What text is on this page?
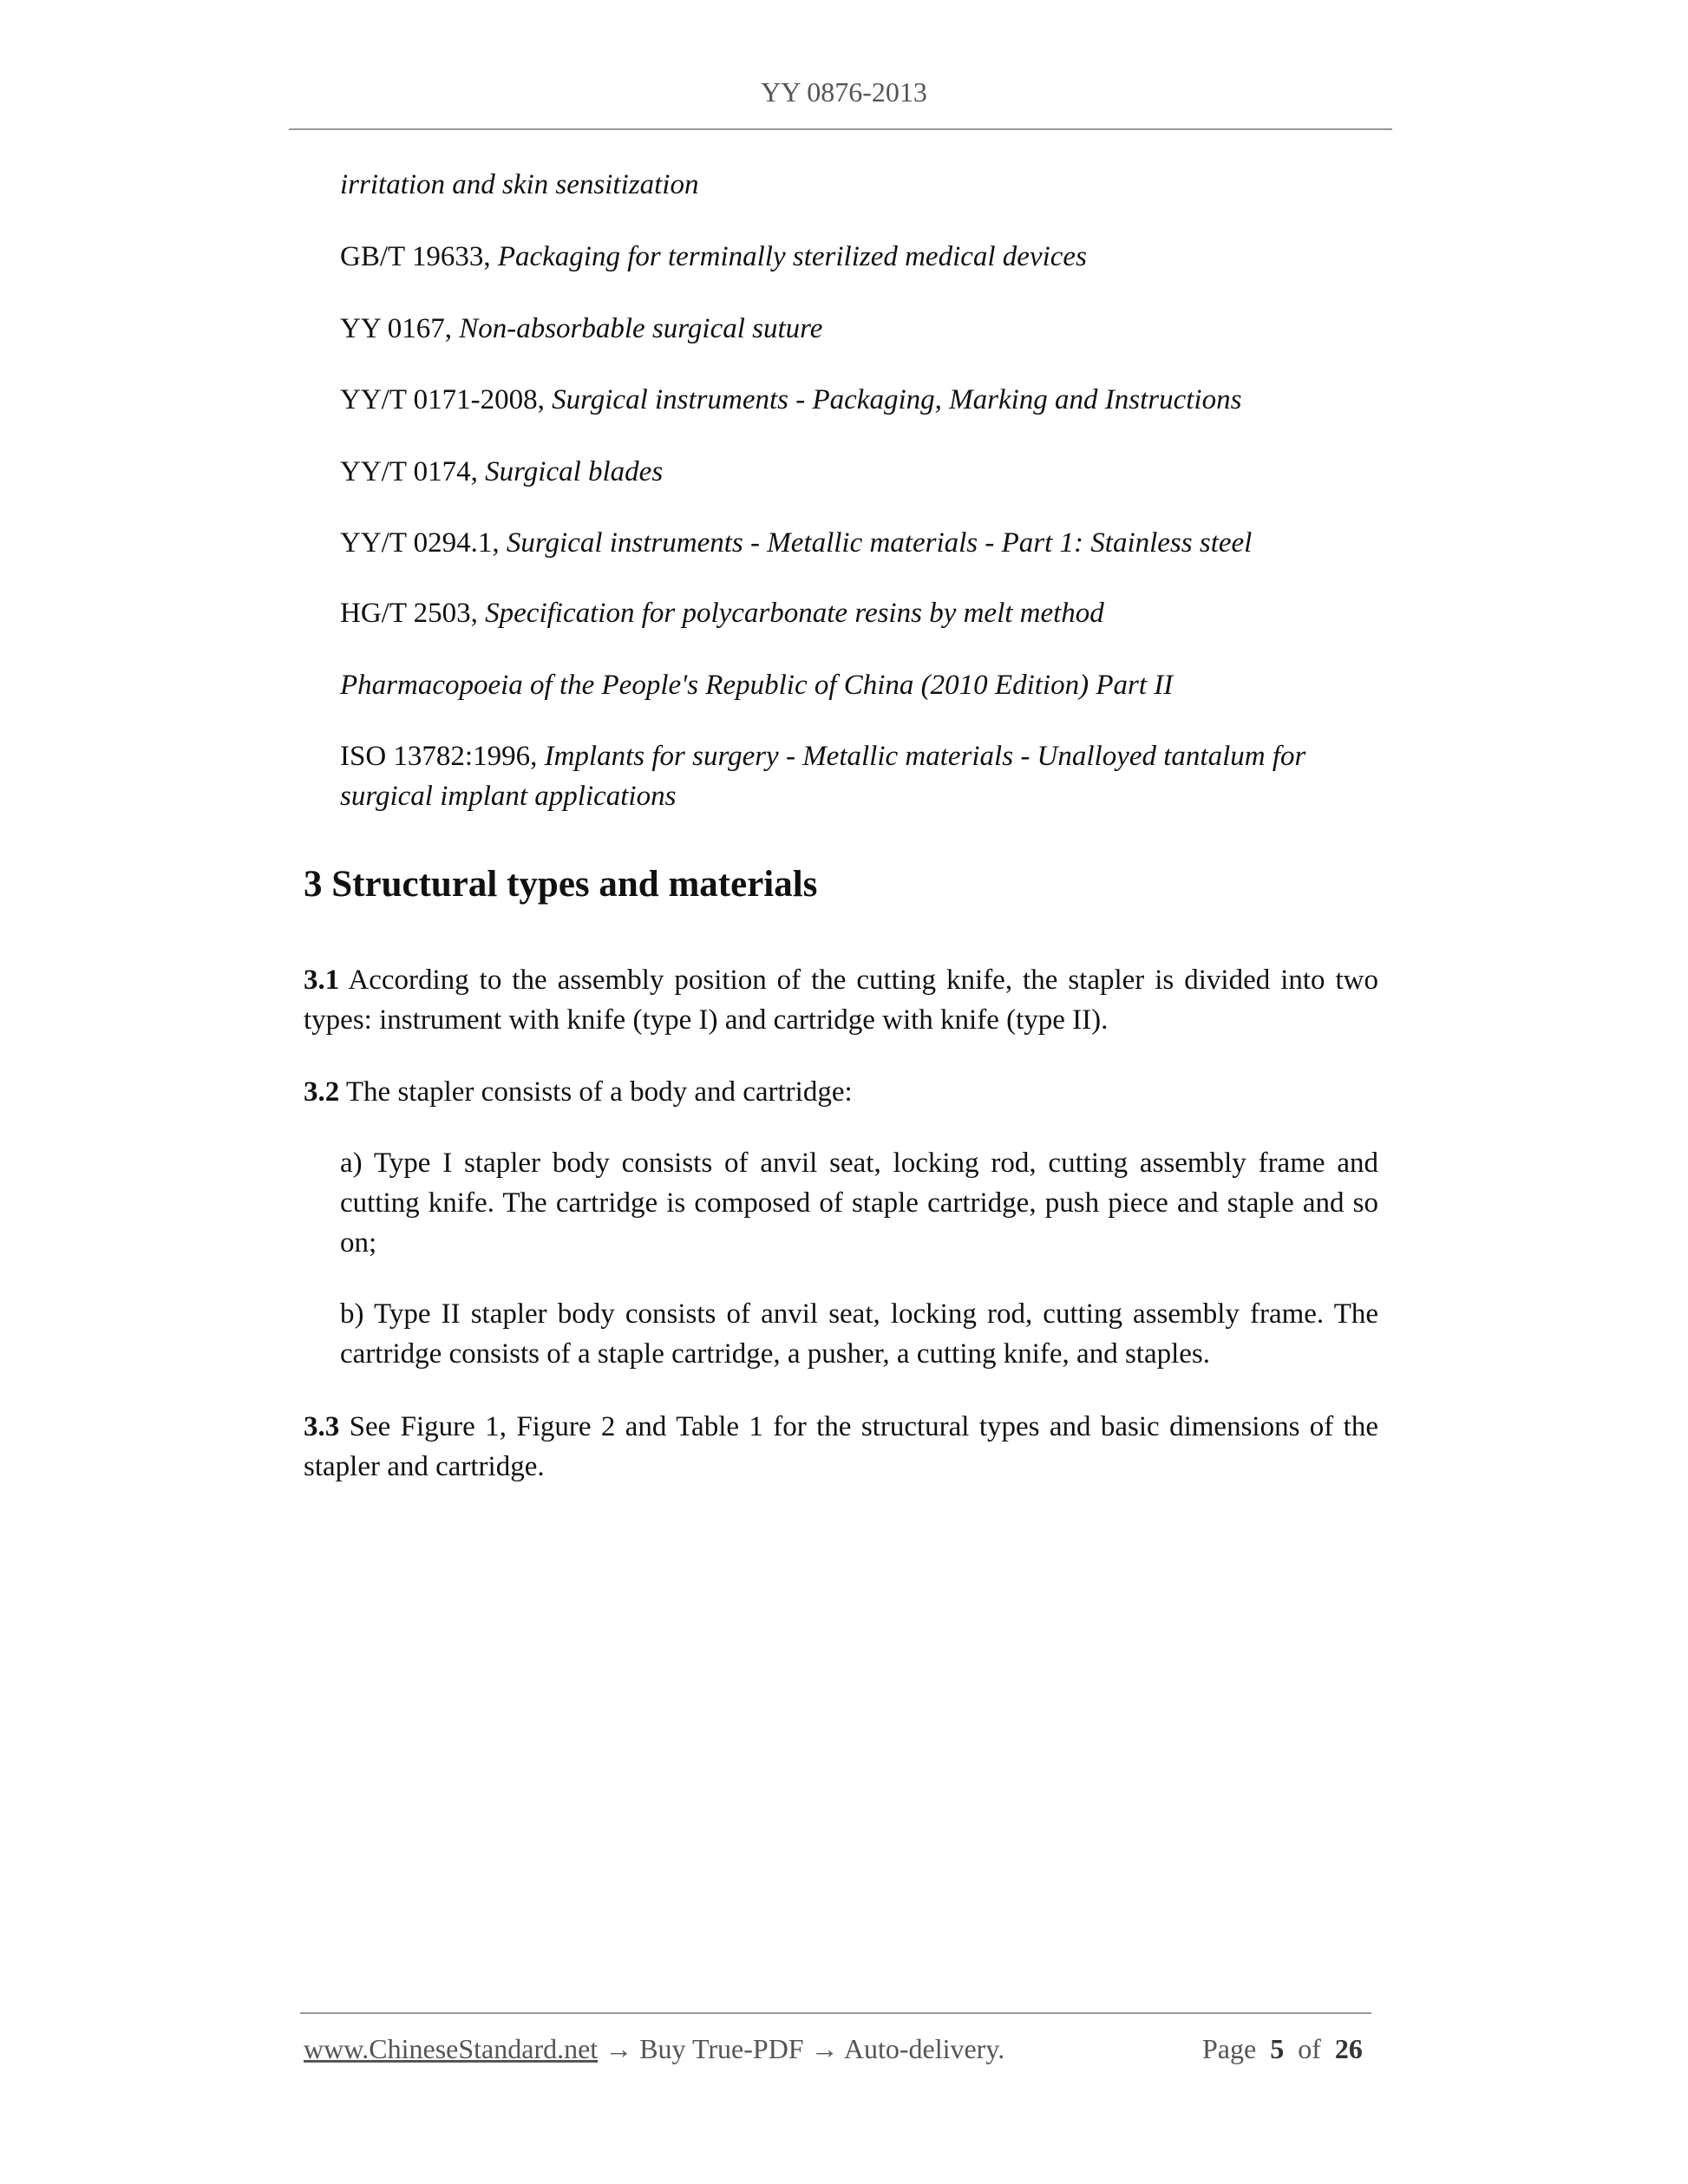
YY 0876-2013
irritation and skin sensitization
GB/T 19633, Packaging for terminally sterilized medical devices
YY 0167, Non-absorbable surgical suture
YY/T 0171-2008, Surgical instruments - Packaging, Marking and Instructions
YY/T 0174, Surgical blades
YY/T 0294.1, Surgical instruments - Metallic materials - Part 1: Stainless steel
HG/T 2503, Specification for polycarbonate resins by melt method
Pharmacopoeia of the People's Republic of China (2010 Edition) Part II
ISO 13782:1996, Implants for surgery - Metallic materials - Unalloyed tantalum for surgical implant applications
3 Structural types and materials
3.1 According to the assembly position of the cutting knife, the stapler is divided into two types: instrument with knife (type I) and cartridge with knife (type II).
3.2 The stapler consists of a body and cartridge:
a) Type I stapler body consists of anvil seat, locking rod, cutting assembly frame and cutting knife. The cartridge is composed of staple cartridge, push piece and staple and so on;
b) Type II stapler body consists of anvil seat, locking rod, cutting assembly frame. The cartridge consists of a staple cartridge, a pusher, a cutting knife, and staples.
3.3 See Figure 1, Figure 2 and Table 1 for the structural types and basic dimensions of the stapler and cartridge.
www.ChineseStandard.net → Buy True-PDF → Auto-delivery.	Page 5 of 26
